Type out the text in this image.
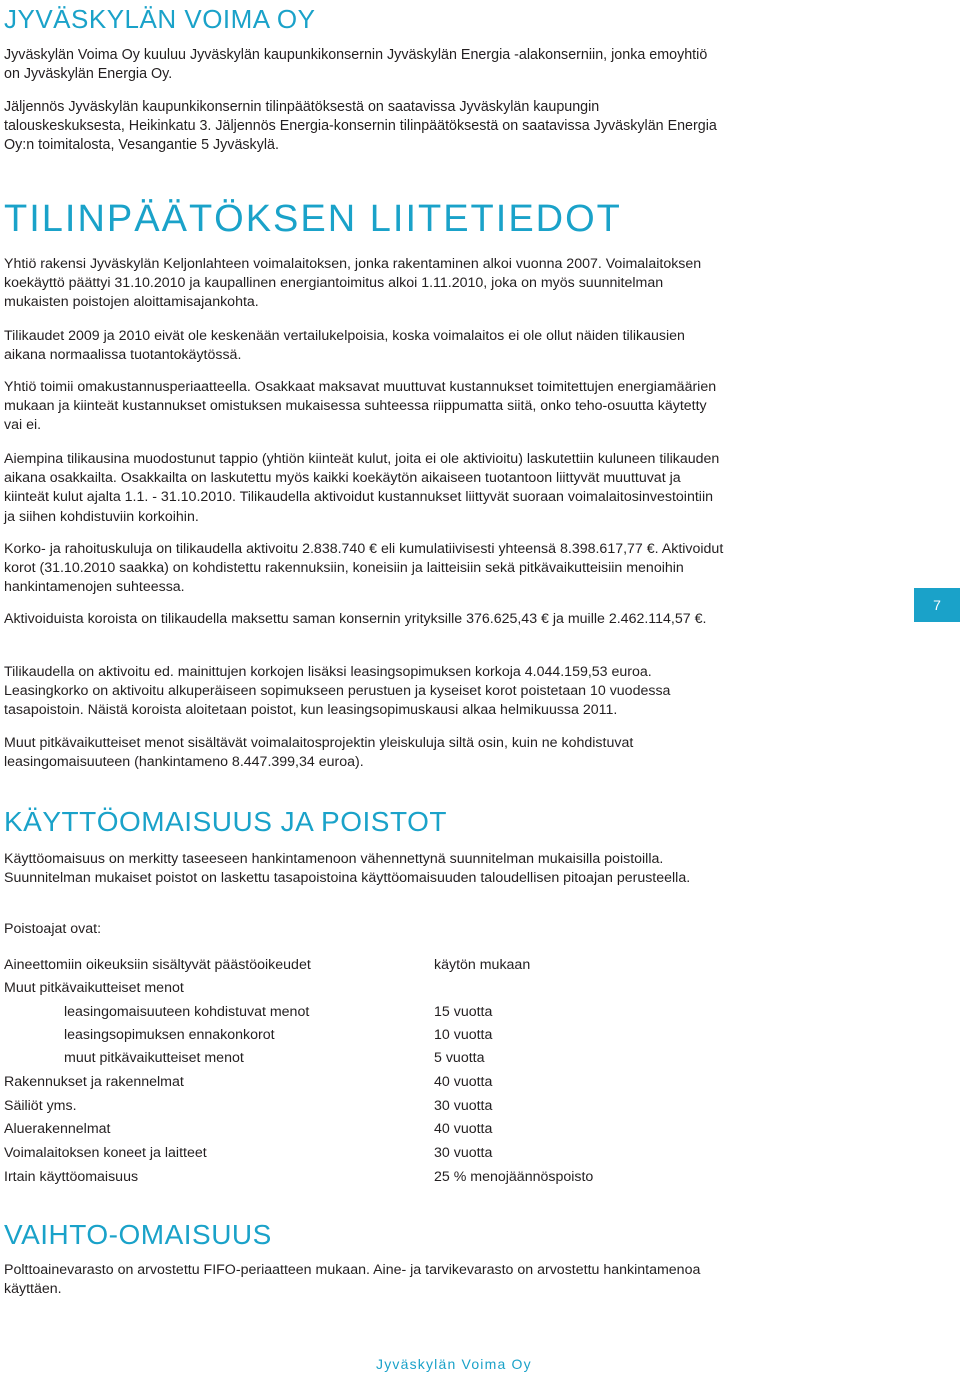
JYVÄSKYLÄN VOIMA OY

Jyväskylän Voima Oy kuuluu Jyväskylän kaupunkikonsernin Jyväskylän Energia -alakonserniin, jonka emoyhtiö on Jyväskylän Energia Oy.

Jäljennös Jyväskylän kaupunkikonsernin tilinpäätöksestä on saatavissa Jyväskylän kaupungin talouskeskuksesta, Heikinkatu 3. Jäljennös Energia-konsernin tilinpäätöksestä on saatavissa Jyväskylän Energia Oy:n toimitalosta, Vesangantie 5 Jyväskylä.

TILINPÄÄTÖKSEN LIITETIEDOT

Yhtiö rakensi Jyväskylän Keljonlahteen voimalaitoksen, jonka rakentaminen alkoi vuonna 2007. Voimalaitoksen koekäyttö päättyi 31.10.2010 ja kaupallinen energiantoimitus alkoi 1.11.2010, joka on myös suunnitelman mukaisten poistojen aloittamisajankohta.

Tilikaudet 2009 ja 2010 eivät ole keskenään vertailukelpoisia, koska voimalaitos ei ole ollut näiden tilikausien aikana normaalissa tuotantokäytössä.

Yhtiö toimii omakustannusperiaatteella. Osakkaat maksavat muuttuvat kustannukset toimitettujen energiamäärien mukaan ja kiinteät kustannukset omistuksen mukaisessa suhteessa riippumatta siitä, onko teho-osuutta käytetty vai ei.

Aiempina tilikausina muodostunut tappio (yhtiön kiinteät kulut, joita ei ole aktivioitu) laskutettiin kuluneen tilikauden aikana osakkailta. Osakkailta on laskutettu myös kaikki koekäytön aikaiseen tuotantoon liittyvät muuttuvat ja kiinteät kulut ajalta 1.1. - 31.10.2010. Tilikaudella aktivoidut kustannukset liittyvät suoraan voimalaitosinvestointiin ja siihen kohdistuviin korkoihin.

Korko- ja rahoituskuluja on tilikaudella aktivoitu 2.838.740 € eli kumulatiivisesti yhteensä 8.398.617,77 €. Aktivoidut korot (31.10.2010 saakka) on kohdistettu rakennuksiin, koneisiin ja laitteisiin sekä pitkävaikutteisiin menoihin hankintamenojen suhteessa.

Aktivoiduista koroista on tilikaudella maksettu saman konsernin yrityksille 376.625,43 € ja muille 2.462.114,57 €.

Tilikaudella on aktivoitu ed. mainittujen korkojen lisäksi leasingsopimuksen korkoja 4.044.159,53 euroa. Leasingkorko on aktivoitu alkuperäiseen sopimukseen perustuen ja kyseiset korot poistetaan 10 vuodessa tasapoistoin. Näistä koroista aloitetaan poistot, kun leasingsopimuskausi alkaa helmikuussa 2011.

Muut pitkävaikutteiset menot sisältävät voimalaitosprojektin yleiskuluja siltä osin, kuin ne kohdistuvat leasingomaisuuteen (hankintameno 8.447.399,34 euroa).

KÄYTTÖOMAISUUS JA POISTOT

Käyttöomaisuus on merkitty taseeseen hankintamenoon vähennettynä suunnitelman mukaisilla poistoilla. Suunnitelman mukaiset poistot on laskettu tasapoistoina käyttöomaisuuden taloudellisen pitoajan perusteella.

Poistoajat ovat:

Aineettomiin oikeuksiin sisältyvät päästöoikeudet	käytön mukaan
Muut pitkävaikutteiset menot
leasingomaisuuteen kohdistuvat menot	15 vuotta
leasingsopimuksen ennakonkorot	10 vuotta
muut pitkävaikutteiset menot	5 vuotta
Rakennukset ja rakennelmat	40 vuotta
Säiliöt yms.	30 vuotta
Aluerakennelmat	40 vuotta
Voimalaitoksen koneet ja laitteet	30 vuotta
Irtain käyttöomaisuus	25 % menojäännöspoisto
VAIHTO-OMAISUUS

Polttoainevarasto on arvostettu FIFO-periaatteen mukaan. Aine- ja tarvikevarasto on arvostettu hankintamenoa käyttäen.

7
Jyväskylän Voima Oy
